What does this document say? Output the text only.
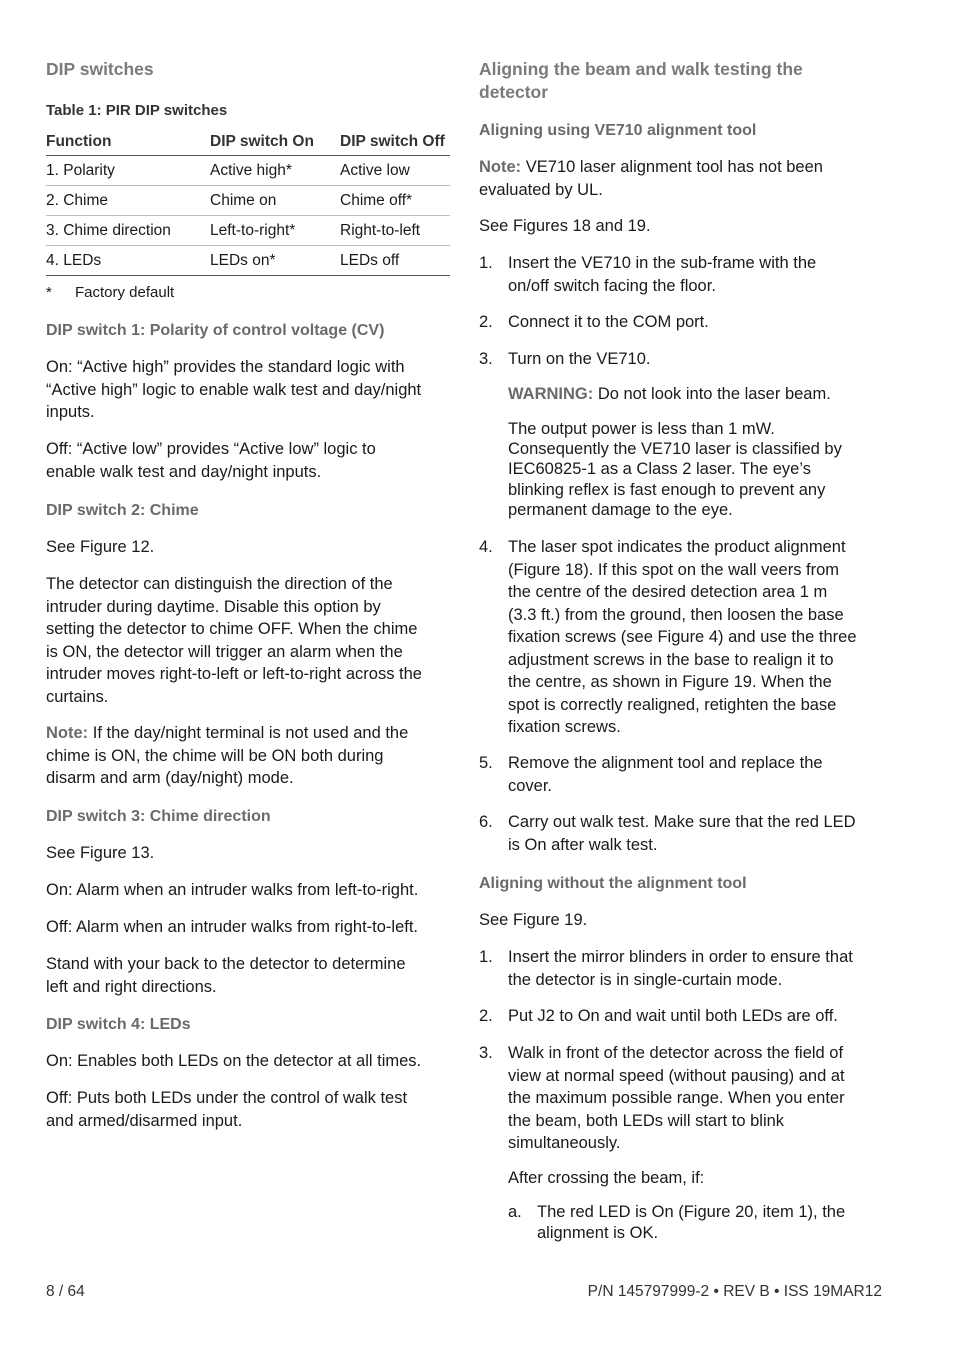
DIP switches
Table 1: PIR DIP switches
Function	DIP switch On	DIP switch Off
1. Polarity	Active high*	Active low
2. Chime	Chime on	Chime off*
3. Chime direction	Left-to-right*	Right-to-left
4. LEDs	LEDs on*	LEDs off
* Factory default
DIP switch 1: Polarity of control voltage (CV)
On: “Active high” provides the standard logic with
“Active high” logic to enable walk test and day/night
inputs.
Off: “Active low” provides “Active low” logic to
enable walk test and day/night inputs.
DIP switch 2: Chime
See Figure 12.
The detector can distinguish the direction of the
intruder during daytime. Disable this option by
setting the detector to chime OFF. When the chime
is ON, the detector will trigger an alarm when the
intruder moves right-to-left or left-to-right across the
curtains.
Note: If the day/night terminal is not used and the
chime is ON, the chime will be ON both during
disarm and arm (day/night) mode.
DIP switch 3: Chime direction
See Figure 13.
On: Alarm when an intruder walks from left-to-right.
Off: Alarm when an intruder walks from right-to-left.
Stand with your back to the detector to determine
left and right directions.
DIP switch 4: LEDs
On: Enables both LEDs on the detector at all times.
Off: Puts both LEDs under the control of walk test
and armed/disarmed input.
Aligning the beam and walk testing the
detector
Aligning using VE710 alignment tool
Note: VE710 laser alignment tool has not been
evaluated by UL.
See Figures 18 and 19.
1. Insert the VE710 in the sub-frame with the
on/off switch facing the floor.
2. Connect it to the COM port.
3. Turn on the VE710.
WARNING: Do not look into the laser beam.
The output power is less than 1 mW.
Consequently the VE710 laser is classified by
IEC60825-1 as a Class 2 laser. The eye’s
blinking reflex is fast enough to prevent any
permanent damage to the eye.
4. The laser spot indicates the product alignment
(Figure 18). If this spot on the wall veers from
the centre of the desired detection area 1 m
(3.3 ft.) from the ground, then loosen the base
fixation screws (see Figure 4) and use the three
adjustment screws in the base to realign it to
the centre, as shown in Figure 19. When the
spot is correctly realigned, retighten the base
fixation screws.
5. Remove the alignment tool and replace the
cover.
6. Carry out walk test. Make sure that the red LED
is On after walk test.
Aligning without the alignment tool
See Figure 19.
1. Insert the mirror blinders in order to ensure that
the detector is in single-curtain mode.
2. Put J2 to On and wait until both LEDs are off.
3. Walk in front of the detector across the field of
view at normal speed (without pausing) and at
the maximum possible range. When you enter
the beam, both LEDs will start to blink
simultaneously.
After crossing the beam, if:
a. The red LED is On (Figure 20, item 1), the
alignment is OK.
8 / 64	P/N 145797999-2 • REV B • ISS 19MAR12
